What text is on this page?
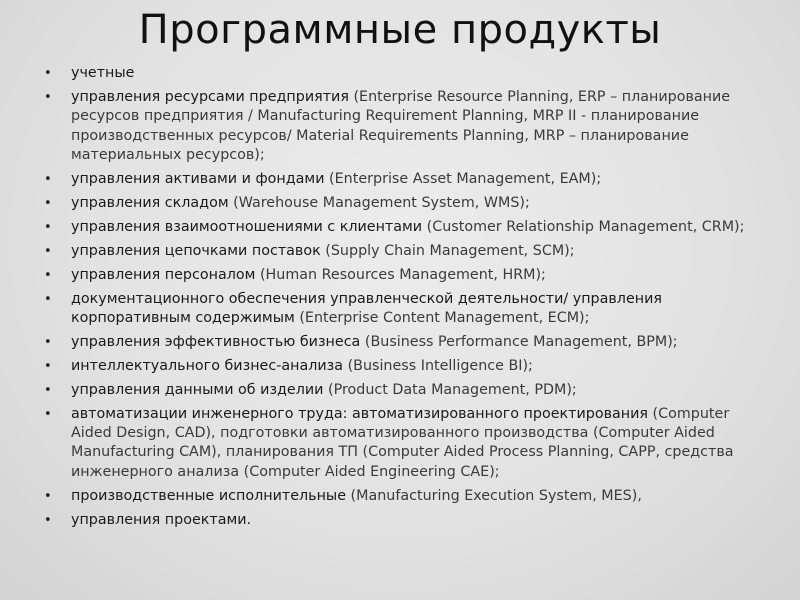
Программные продукты
•	учетные
•	управления ресурсами предприятия (Enterprise Resource Planning, ERP – планирование ресурсов предприятия / Manufacturing Requirement Planning, MRP II - планирование производственных ресурсов/ Material Requirements Planning, MRP – планирование материальных ресурсов);
•	управления активами и фондами (Enterprise Asset Management, EAM);
•	управления складом (Warehouse Management System, WMS);
•	управления взаимоотношениями с клиентами (Customer Relationship Management, CRM);
•	управления цепочками поставок (Supply Chain Management, SCM);
•	управления персоналом (Human Resources Management, HRM);
•	документационного обеспечения управленческой деятельности/ управления корпоративным содержимым (Enterprise Content Management, ECM);
•	управления эффективностью бизнеса (Business Performance Management, BPM);
•	интеллектуального бизнес-анализа (Business Intelligence BI);
•	управления данными об изделии (Product Data Management, PDM);
•	автоматизации инженерного труда: автоматизированного проектирования (Computer Aided Design, CAD), подготовки автоматизированного производства (Computer Aided Manufacturing CAM), планирования ТП (Computer Aided Process Planning, CAPP, средства инженерного анализа (Computer Aided Engineering CAE);
•	производственные исполнительные (Manufacturing Execution System, MES),
•	управления проектами.
